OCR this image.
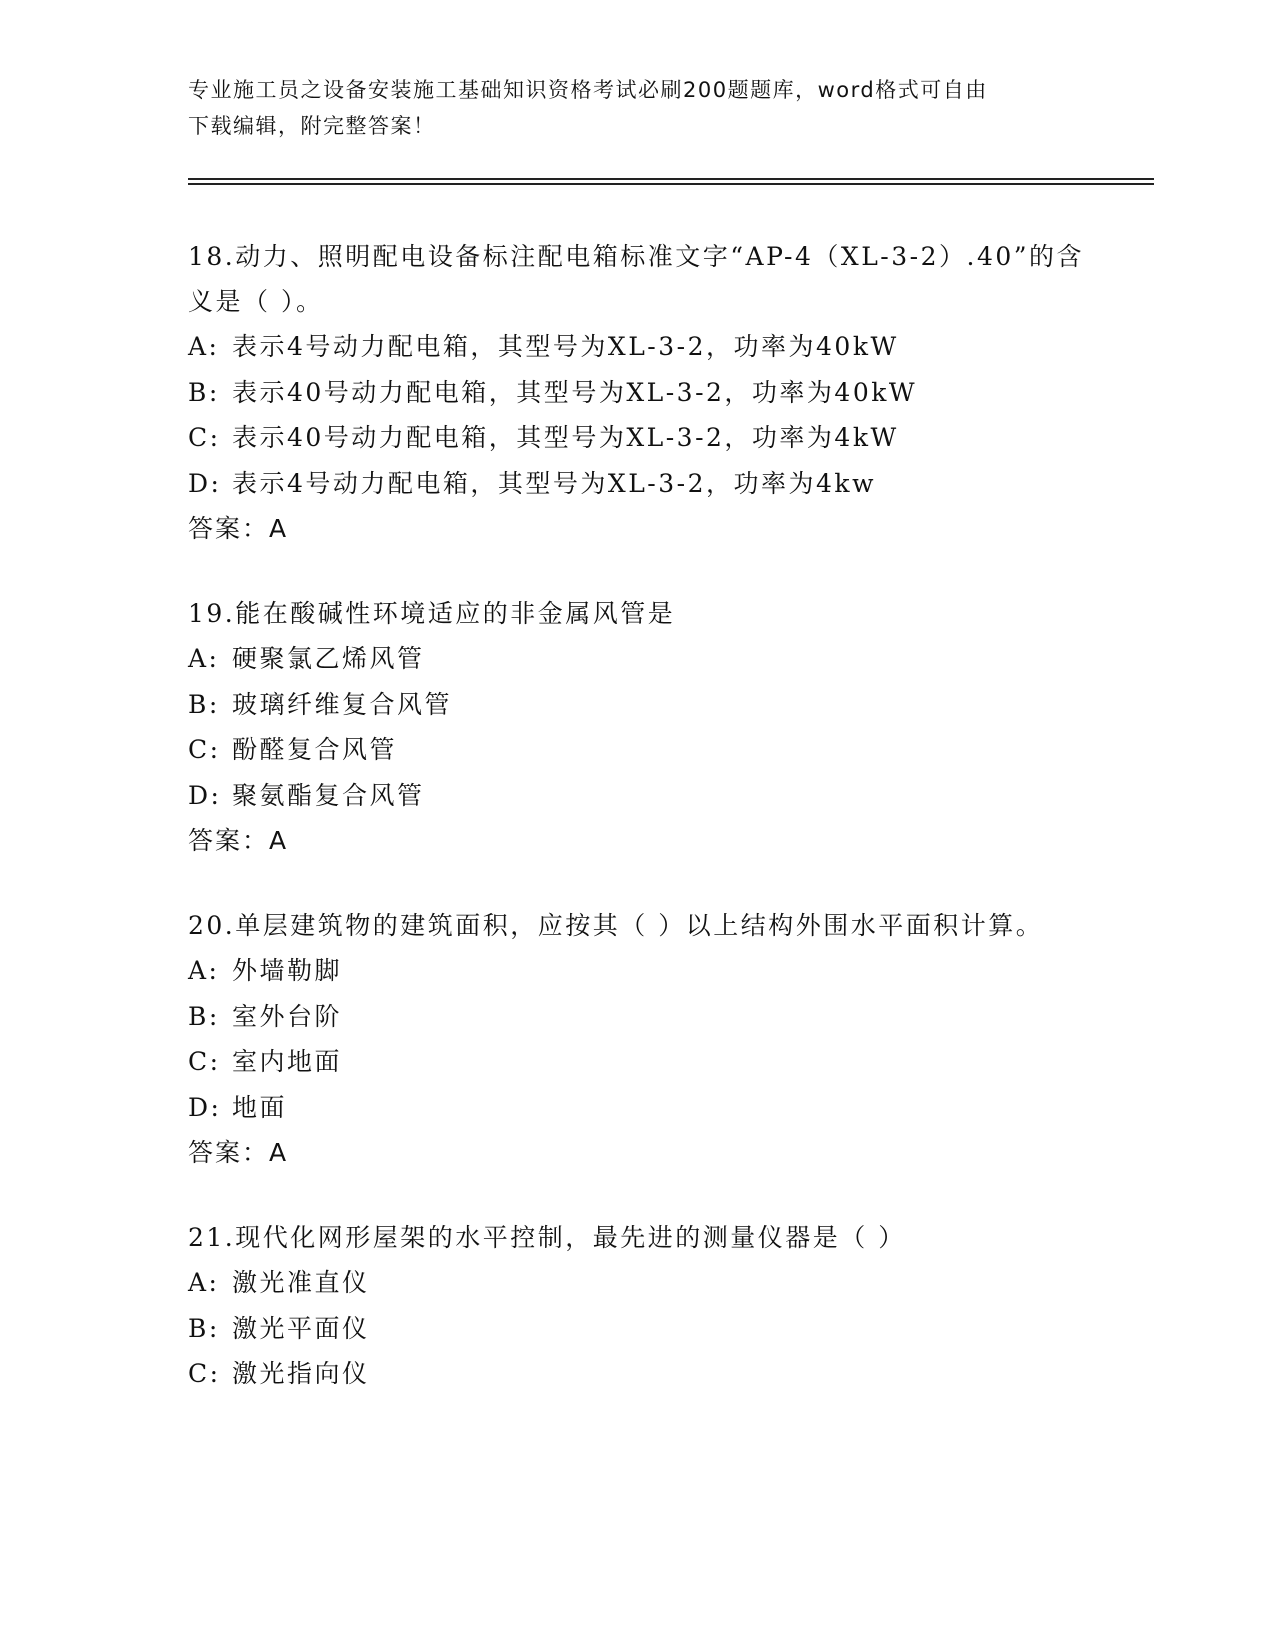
专业施工员之设备安装施工基础知识资格考试必刷200题题库，word格式可自由
下载编辑，附完整答案！
18.动力、照明配电设备标注配电箱标准文字“AP-4（XL-3-2）.40”的含义是（ ）。
A: 表示4号动力配电箱，其型号为XL-3-2，功率为40kW
B: 表示40号动力配电箱，其型号为XL-3-2，功率为40kW
C: 表示40号动力配电箱，其型号为XL-3-2，功率为4kW
D: 表示4号动力配电箱，其型号为XL-3-2，功率为4kw
答案：A
19.能在酸碱性环境适应的非金属风管是
A: 硬聚氯乙烯风管
B: 玻璃纤维复合风管
C: 酚醛复合风管
D: 聚氨酯复合风管
答案：A
20.单层建筑物的建筑面积，应按其（ ）以上结构外围水平面积计算。
A: 外墙勒脚
B: 室外台阶
C: 室内地面
D: 地面
答案：A
21.现代化网形屋架的水平控制，最先进的测量仪器是（ ）
A: 激光准直仪
B: 激光平面仪
C: 激光指向仪
